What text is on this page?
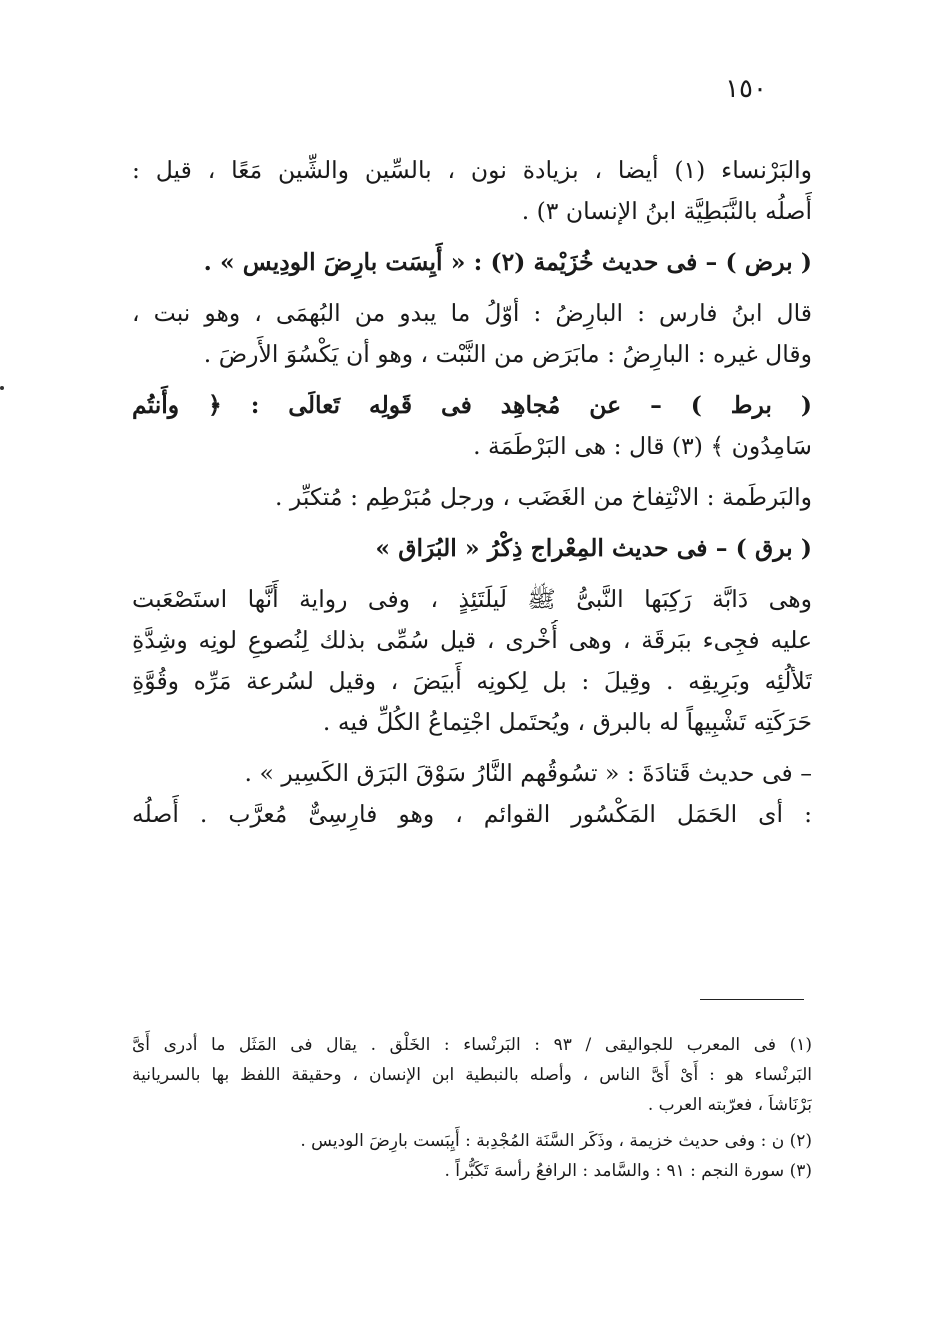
١٥٠
والبَرْنساء (١) أيضا ، بزيادة نون ، بالسِّين والشِّين مَعًا ، قيل :
أَصلُه بالنَّبَطِيَّة ابنُ الإنسان ٣) .
( برض ) – فى حديث خُزَيْمة (٢) : « أَيِسَت بارِضَ الودِيس » .
قال ابنُ فارس : البارِضُ : أوّلُ ما يبدو من البُهمَى ، وهو نبت ،
وقال غيره : البارِضُ : مابَرَض من النَّبْت ، وهو أن يَكْسُوَ الأَرضَ .
( برط ) – عن مُجاهِد فى قَولِه تَعالَى : ﴿ وأَنتُم
سَامِدُون ﴾ (٣) قال : هى البَرْطَمَة .
والبَرطَمة : الانْتِفاخ من الغَضَب ، ورجل مُبَرْطِم : مُتكبِّر .
( برق ) – فى حديث المِعْراج ذِكْرُ « البُرَاق »
وهى دَابَّة رَكِبَها النَّبىُّ ﷺ لَيلَتَئِذٍ ، وفى رواية أَنَّها استَصْعَبت
عليه فجِىء ببَرقَة ، وهى أُخْرى ، قيل سُمِّى بذلك لِنُصوعِ لونِه وشِدَّةِ
تَلألُئِه وبَرِيقِه . وقِيلَ : بل لِكونِه أَبيَضَ ، وقيل لسُرعة مَرِّه وقُوَّةِ
حَرَكَتِه تَشْبِيهاً له بالبرق ، ويُحتَمل اجْتِماعُ الكُلِّ فيه .
– فى حديث قَتادَةَ : « تسُوقُهم النَّارُ سَوْقَ البَرَق الكَسِير » .
: أى الحَمَل المَكْسُور القوائم ، وهو فارِسِىٌّ مُعرَّب . أَصلُه
(١) فى المعرب للجواليقى / ٩٣ : البَرنْساء : الخَلْق . يقال فى المَثَل ما أدرى أَىَّ
البَرنْساء هو : أَىْ أَىَّ الناس ، وأصله بالنبطية ابن الإنسان ، وحقيقة اللفظ بها بالسريانية
بَرْنَاشاَ ، فعرّبته العرب .
(٢) ن : وفى حديث خزيمة ، وذَكَر السَّنَة المُجْدِبة : أَيِبَست بارِضَ الوديس .
(٣) سورة النجم : ٩١ : والسَّامد : الرافعُ رأسهَ تَكَبُّراً .
